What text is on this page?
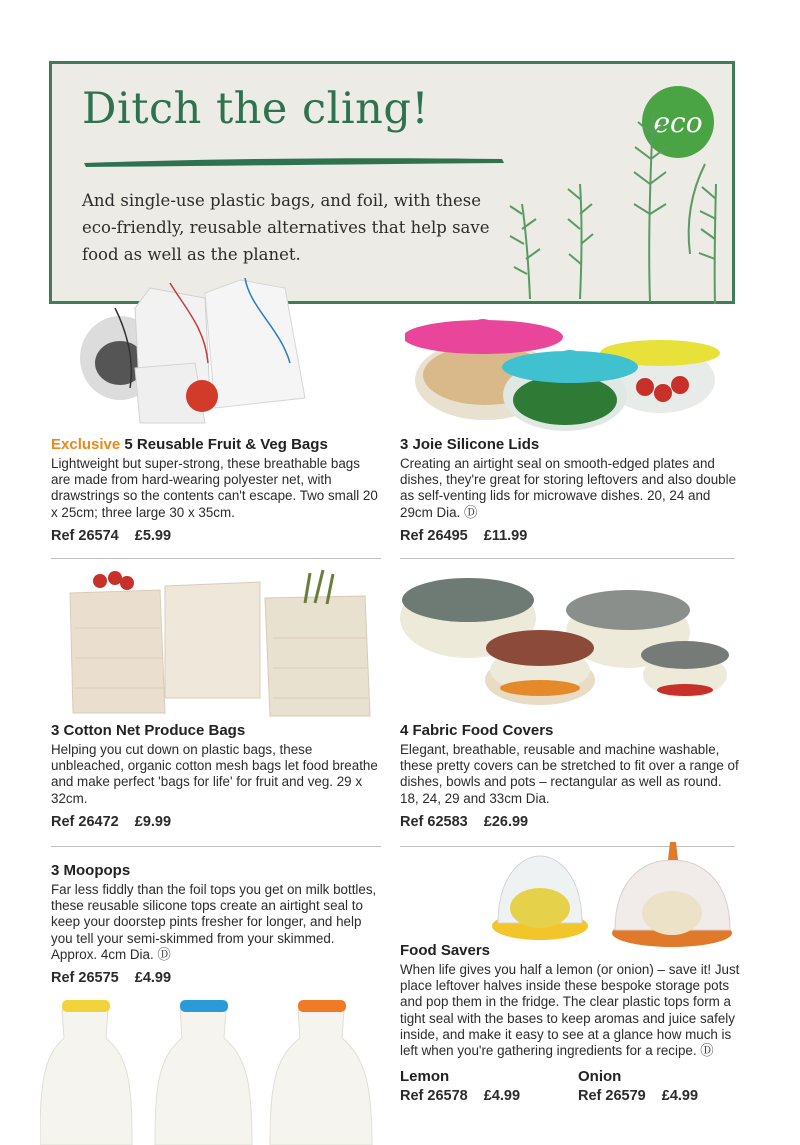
Ditch the cling!
And single-use plastic bags, and foil, with these eco-friendly, reusable alternatives that help save food as well as the planet.
eco
Exclusive 5 Reusable Fruit & Veg Bags

Lightweight but super-strong, these breathable bags are made from hard-wearing polyester net, with drawstrings so the contents can't escape. Two small 20 x 25cm; three large 30 x 35cm.

Ref 26574 £5.99
3 Joie Silicone Lids

Creating an airtight seal on smooth-edged plates and dishes, they're great for storing leftovers and also double as self-venting lids for microwave dishes. 20, 24 and 29cm Dia. Ⓓ

Ref 26495 £11.99
3 Cotton Net Produce Bags

Helping you cut down on plastic bags, these unbleached, organic cotton mesh bags let food breathe and make perfect 'bags for life' for fruit and veg. 29 x 32cm.

Ref 26472 £9.99
4 Fabric Food Covers

Elegant, breathable, reusable and machine washable, these pretty covers can be stretched to fit over a range of dishes, bowls and pots – rectangular as well as round. 18, 24, 29 and 33cm Dia.

Ref 62583 £26.99
3 Moopops

Far less fiddly than the foil tops you get on milk bottles, these reusable silicone tops create an airtight seal to keep your doorstep pints fresher for longer, and help you tell your semi-skimmed from your skimmed. Approx. 4cm Dia. Ⓓ

Ref 26575 £4.99
Food Savers

When life gives you half a lemon (or onion) – save it! Just place leftover halves inside these bespoke storage pots and pop them in the fridge. The clear plastic tops form a tight seal with the bases to keep aromas and juice safely inside, and make it easy to see at a glance how much is left when you're gathering ingredients for a recipe. Ⓓ

Lemon
Ref 26578 £4.99
Onion
Ref 26579 £4.99
